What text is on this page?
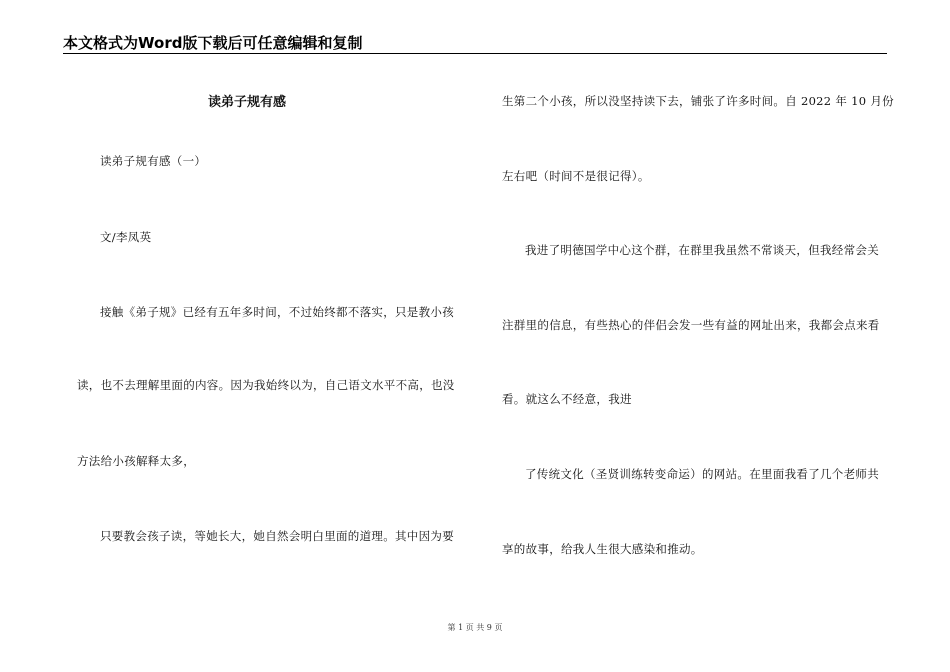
本文格式为Word版下载后可任意编辑和复制
读弟子规有感
读弟子规有感（一）
文/李凤英
接触《弟子规》已经有五年多时间，不过始终都不落实，只是教小孩
读，也不去理解里面的内容。因为我始终以为，自己语文水平不高，也没
方法给小孩解释太多，
只要教会孩子读，等她长大，她自然会明白里面的道理。其中因为要
生第二个小孩，所以没坚持读下去，铺张了许多时间。自 2022 年 10 月份
左右吧（时间不是很记得）。
我进了明德国学中心这个群，在群里我虽然不常谈天，但我经常会关
注群里的信息，有些热心的伴侣会发一些有益的网址出来，我都会点来看
看。就这么不经意，我进
了传统文化（圣贤训练转变命运）的网站。在里面我看了几个老师共
享的故事，给我人生很大感染和推动。
第 1 页 共 9 页
